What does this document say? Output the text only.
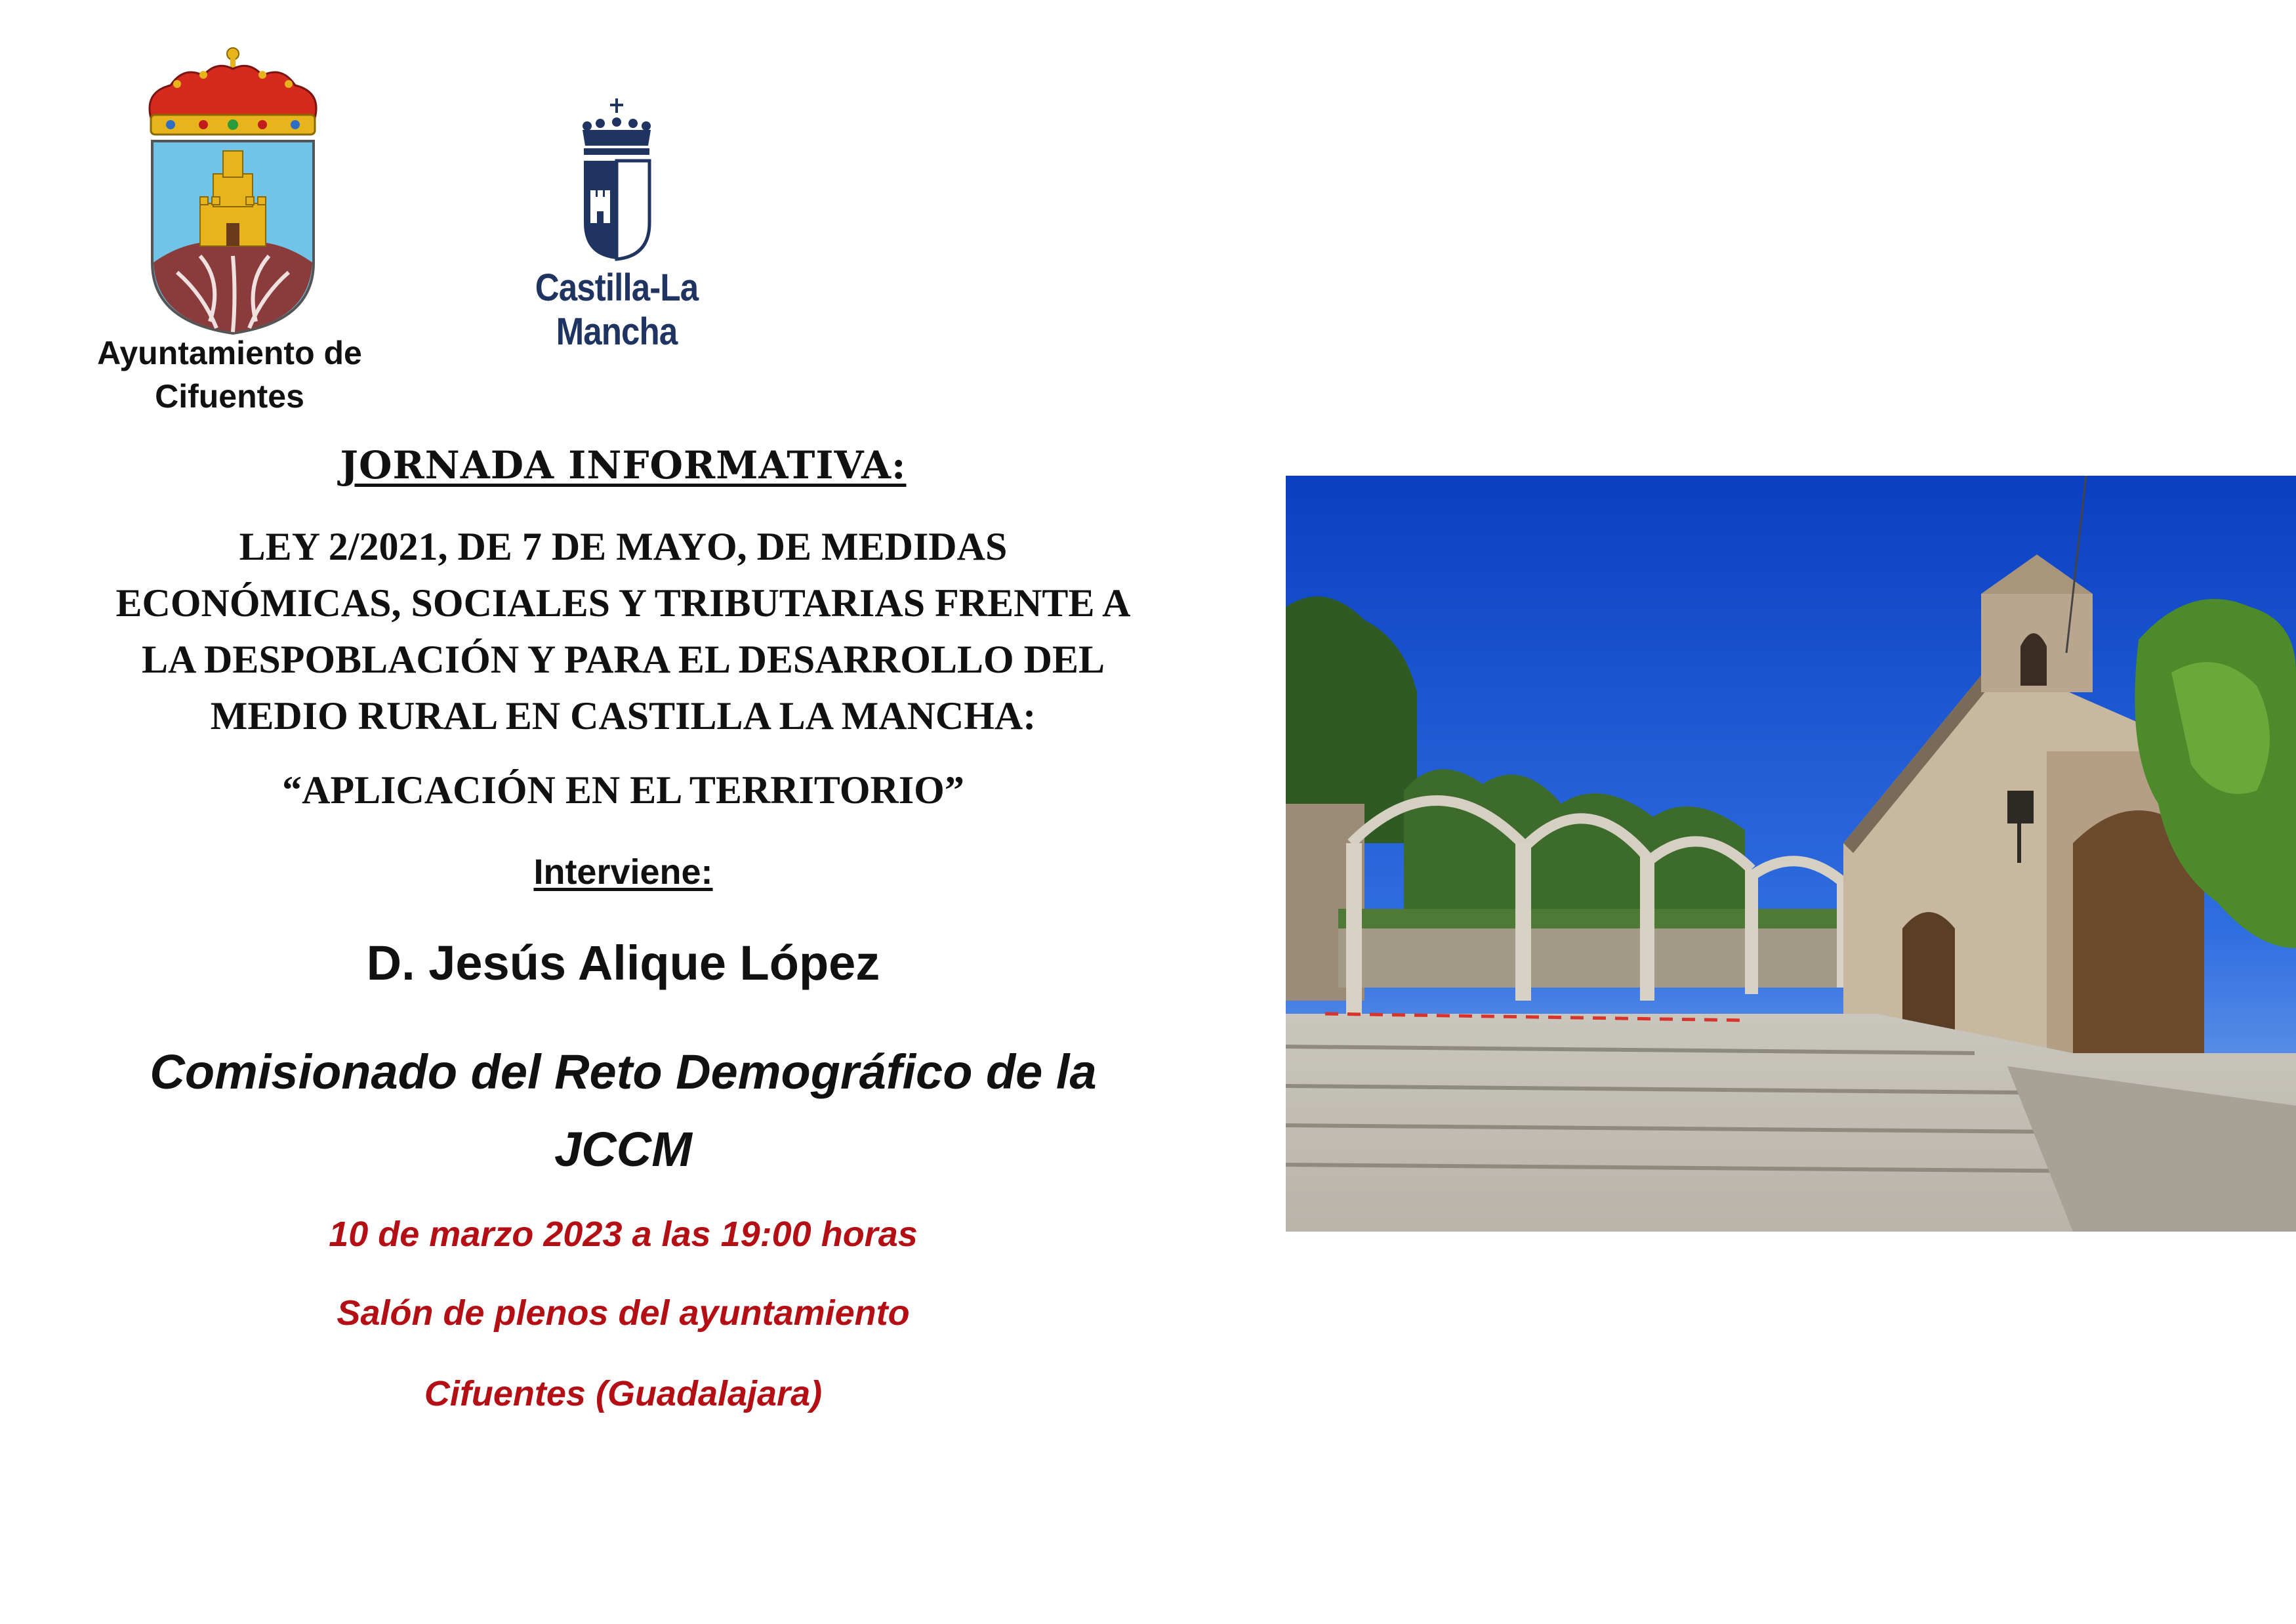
Ayuntamiento de
Cifuentes
Castilla-La Mancha
JORNADA INFORMATIVA:
LEY 2/2021, DE 7 DE MAYO, DE MEDIDAS
ECONÓMICAS, SOCIALES Y TRIBUTARIAS FRENTE A
LA DESPOBLACIÓN Y PARA EL DESARROLLO DEL
MEDIO RURAL EN CASTILLA LA MANCHA:
“APLICACIÓN EN EL TERRITORIO”
Interviene:
D. Jesús Alique López
Comisionado del Reto Demográfico de la
JCCM
10 de marzo 2023 a las 19:00 horas
Salón de plenos del ayuntamiento
Cifuentes (Guadalajara)
